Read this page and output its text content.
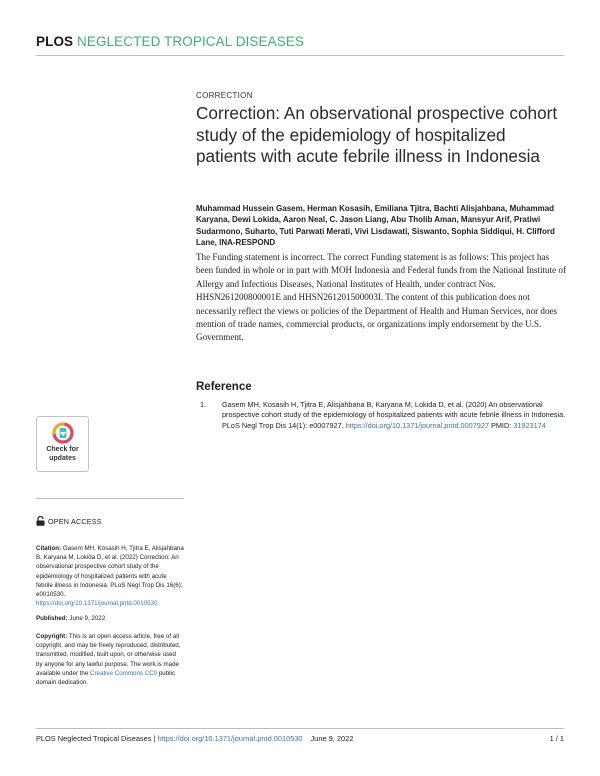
PLOS NEGLECTED TROPICAL DISEASES
CORRECTION
Correction: An observational prospective cohort study of the epidemiology of hospitalized patients with acute febrile illness in Indonesia
Muhammad Hussein Gasem, Herman Kosasih, Emiliana Tjitra, Bachti Alisjahbana, Muhammad Karyana, Dewi Lokida, Aaron Neal, C. Jason Liang, Abu Tholib Aman, Mansyur Arif, Pratiwi Sudarmono, Suharto, Tuti Parwati Merati, Vivi Lisdawati, Siswanto, Sophia Siddiqui, H. Clifford Lane, INA-RESPOND
The Funding statement is incorrect. The correct Funding statement is as follows: This project has been funded in whole or in part with MOH Indonesia and Federal funds from the National Institute of Allergy and Infectious Diseases, National Institutes of Health, under contract Nos. HHSN261200800001E and HHSN261201500003I. The content of this publication does not necessarily reflect the views or policies of the Department of Health and Human Services, nor does mention of trade names, commercial products, or organizations imply endorsement by the U.S. Government.
Reference
1.	Gasem MH, Kosasih H, Tjitra E, Alisjahbana B, Karyana M, Lokida D, et al. (2020) An observational prospective cohort study of the epidemiology of hospitalized patients with acute febrile illness in Indonesia. PLoS Negl Trop Dis 14(1): e0007927. https://doi.org/10.1371/journal.pntd.0007927 PMID: 31923174
Check for
updates
OPEN ACCESS
Citation: Gasem MH, Kosasih H, Tjitra E, Alisjahbana B, Karyana M, Lokida D, et al. (2022) Correction: An observational prospective cohort study of the epidemiology of hospitalized patients with acute febrile illness in Indonesia. PLoS Negl Trop Dis 16(6): e0010530. https://doi.org/10.1371/journal.pntd.0010530
Published: June 9, 2022
Copyright: This is an open access article, free of all copyright, and may be freely reproduced, distributed, transmitted, modified, built upon, or otherwise used by anyone for any lawful purpose. The work is made available under the Creative Commons CC0 public domain dedication.
PLOS Neglected Tropical Diseases | https://doi.org/10.1371/journal.pntd.0010530 June 9, 2022	1 / 1
